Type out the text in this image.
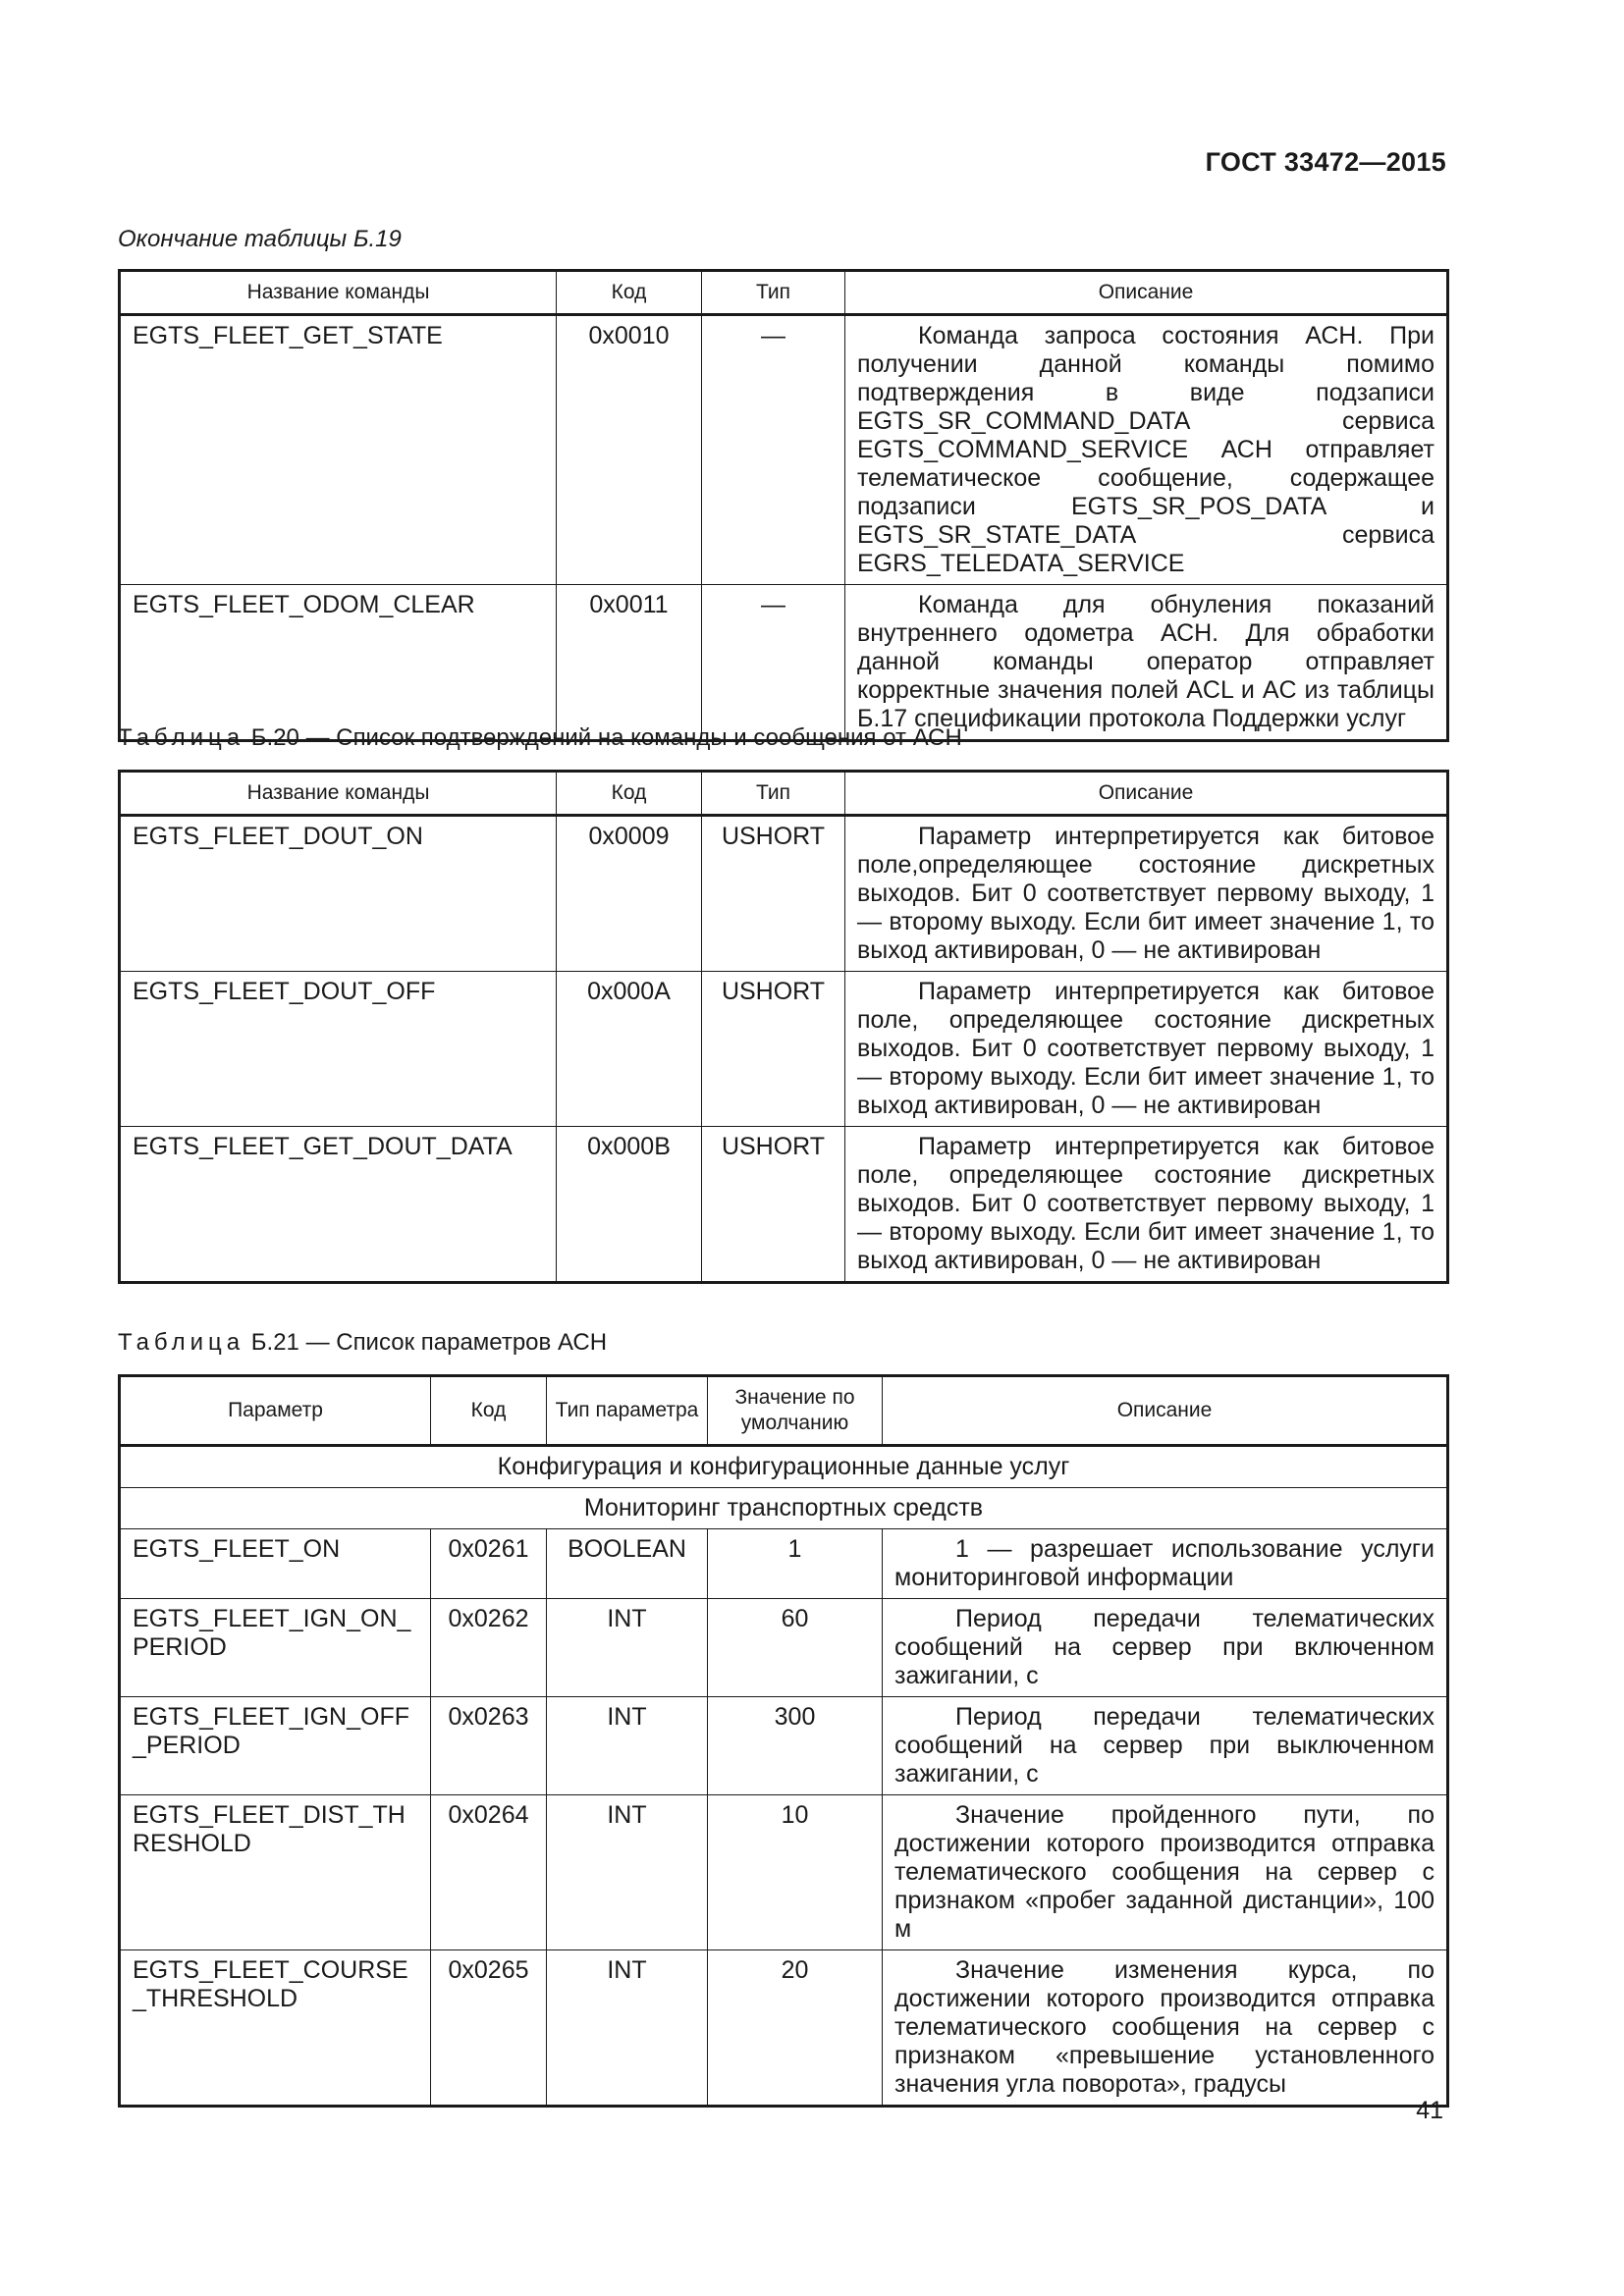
ГОСТ 33472—2015
Окончание таблицы Б.19
Название команды	Код	Тип	Описание
EGTS_FLEET_GET_STATE	0x0010	—	Команда запроса состояния АСН. При получении данной команды помимо подтверждения в виде подзаписи EGTS_SR_COMMAND_DATA сервиса EGTS_COMMAND_SERVICE АСН отправляет телематическое сообщение, содержащее подзаписи EGTS_SR_POS_DATA и EGTS_SR_STATE_DATA сервиса EGRS_TELEDATA_SERVICE
EGTS_FLEET_ODOM_CLEAR	0x0011	—	Команда для обнуления показаний внутреннего одометра АСН. Для обработки данной команды оператор отправляет корректные значения полей ACL и AC из таблицы Б.17 спецификации протокола Поддержки услуг
Таблица Б.20 — Список подтверждений на команды и сообщения от АСН
Название команды	Код	Тип	Описание
EGTS_FLEET_DOUT_ON	0x0009	USHORT	Параметр интерпретируется как битовое поле,определяющее состояние дискретных выходов. Бит 0 соответствует первому выходу, 1 — второму выходу. Если бит имеет значение 1, то выход активирован, 0 — не активирован
EGTS_FLEET_DOUT_OFF	0x000A	USHORT	Параметр интерпретируется как битовое поле, определяющее состояние дискретных выходов. Бит 0 соответствует первому выходу, 1 — второму выходу. Если бит имеет значение 1, то выход активирован, 0 — не активирован
EGTS_FLEET_GET_DOUT_DATA	0x000B	USHORT	Параметр интерпретируется как битовое поле, определяющее состояние дискретных выходов. Бит 0 соответствует первому выходу, 1 — второму выходу. Если бит имеет значение 1, то выход активирован, 0 — не активирован
Таблица Б.21 — Список параметров АСН
Параметр	Код	Тип параметра	Значение по умолчанию	Описание
Конфигурация и конфигурационные данные услуг				
Мониторинг транспортных средств				
EGTS_FLEET_ON	0x0261	BOOLEAN	1	1 — разрешает использование услуги мониторинговой информации
EGTS_FLEET_IGN_ON_PERIOD	0x0262	INT	60	Период передачи телематических сообщений на сервер при включенном зажигании, с
EGTS_FLEET_IGN_OFF_PERIOD	0x0263	INT	300	Период передачи телематических сообщений на сервер при выключенном зажигании, с
EGTS_FLEET_DIST_THRESHOLD	0x0264	INT	10	Значение пройденного пути, по достижении которого производится отправка телематического сообщения на сервер с признаком «пробег заданной дистанции», 100 м
EGTS_FLEET_COURSE_THRESHOLD	0x0265	INT	20	Значение изменения курса, по достижении которого производится отправка телематического сообщения на сервер с признаком «превышение установленного значения угла поворота», градусы
41
